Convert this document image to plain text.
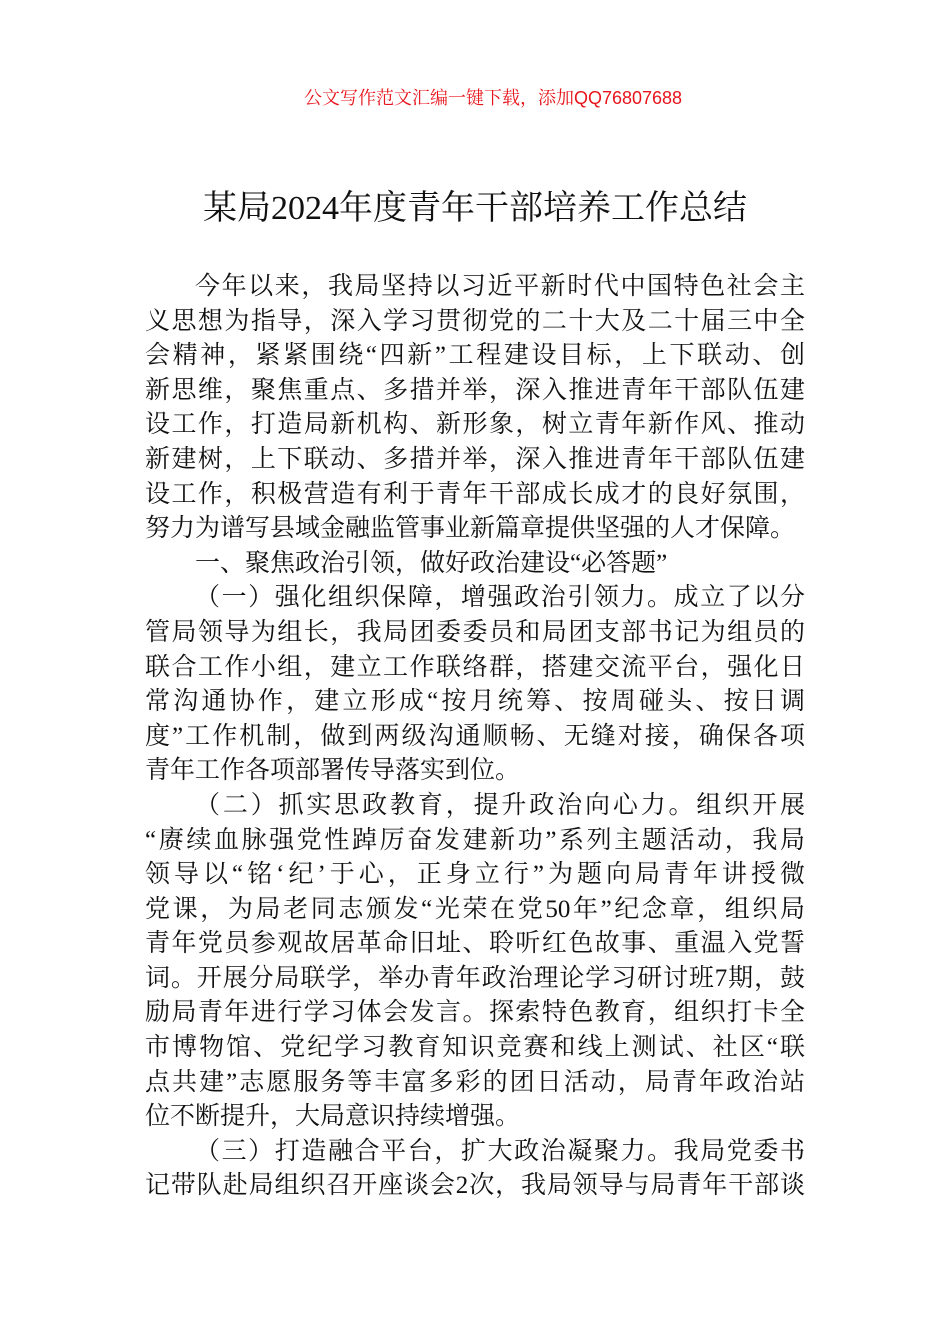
公文写作范文汇编一键下载，添加QQ76807688
某局2024年度青年干部培养工作总结
今年以来，我局坚持以习近平新时代中国特色社会主
义思想为指导，深入学习贯彻党的二十大及二十届三中全
会精神，紧紧围绕“四新”工程建设目标，上下联动、创
新思维，聚焦重点、多措并举，深入推进青年干部队伍建
设工作，打造局新机构、新形象，树立青年新作风、推动
新建树，上下联动、多措并举，深入推进青年干部队伍建
设工作，积极营造有利于青年干部成长成才的良好氛围，
努力为谱写县域金融监管事业新篇章提供坚强的人才保障。
一、聚焦政治引领，做好政治建设“必答题”
（一）强化组织保障，增强政治引领力。成立了以分
管局领导为组长，我局团委委员和局团支部书记为组员的
联合工作小组，建立工作联络群，搭建交流平台，强化日
常沟通协作，建立形成“按月统筹、按周碰头、按日调
度”工作机制，做到两级沟通顺畅、无缝对接，确保各项
青年工作各项部署传导落实到位。
（二）抓实思政教育，提升政治向心力。组织开展
“赓续血脉强党性踔厉奋发建新功”系列主题活动，我局
领导以“铭‘纪’于心，正身立行”为题向局青年讲授微
党课，为局老同志颁发“光荣在党50年”纪念章，组织局
青年党员参观故居革命旧址、聆听红色故事、重温入党誓
词。开展分局联学，举办青年政治理论学习研讨班7期，鼓
励局青年进行学习体会发言。探索特色教育，组织打卡全
市博物馆、党纪学习教育知识竞赛和线上测试、社区“联
点共建”志愿服务等丰富多彩的团日活动，局青年政治站
位不断提升，大局意识持续增强。
（三）打造融合平台，扩大政治凝聚力。我局党委书
记带队赴局组织召开座谈会2次，我局领导与局青年干部谈
